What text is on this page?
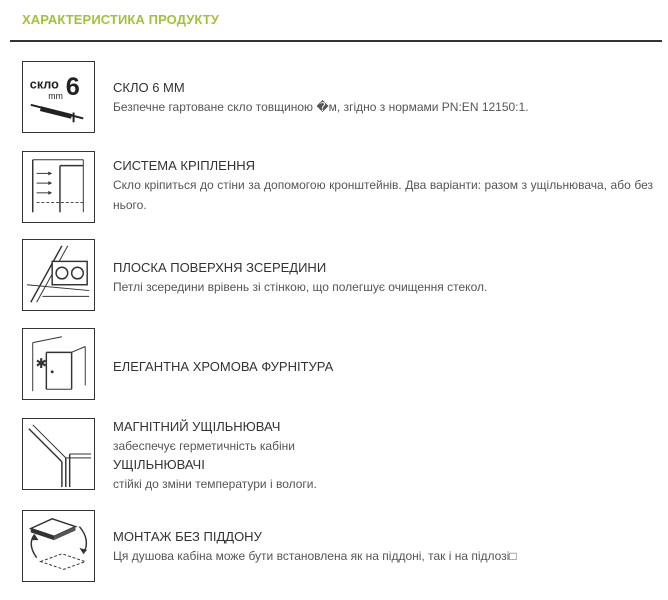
ХАРАКТЕРИСТИКА ПРОДУКТУ
скло 6
mm
СКЛО 6 ММ
Безпечне гартоване скло товщиною �м, згідно з нормами PN:EN 12150:1.
СИСТЕМА КРІПЛЕННЯ
Скло кріпиться до стіни за допомогою кронштейнів. Два варіанти: разом з ущільнювача, або без нього.
ПЛОСКА ПОВЕРХНЯ ЗСЕРЕДИНИ
Петлі зсередини врівень зі стінкою, що полегшує очищення стекол.
✱	ЕЛЕГАНТНА ХРОМОВА ФУРНІТУРА
МАГНІТНИЙ УЩІЛЬНЮВАЧ
забеспечує герметичність кабіни
УЩІЛЬНЮВАЧІ
стійкі до зміни температури і вологи.
МОНТАЖ БЕЗ ПІДДОНУ
Ця душова кабіна може бути встановлена як на піддоні, так і на підлозі□
